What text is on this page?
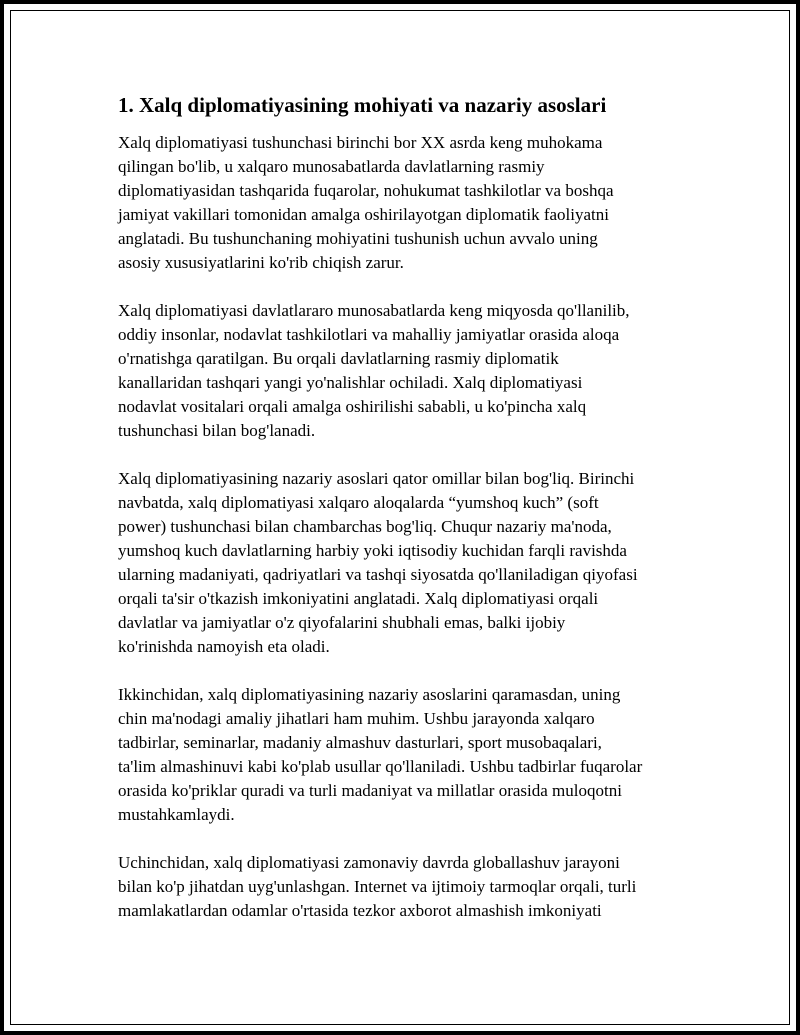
1. Xalq diplomatiyasining mohiyati va nazariy asoslari

Xalq diplomatiyasi tushunchasi birinchi bor XX asrda keng muhokama
qilingan bo'lib, u xalqaro munosabatlarda davlatlarning rasmiy
diplomatiyasidan tashqarida fuqarolar, nohukumat tashkilotlar va boshqa
jamiyat vakillari tomonidan amalga oshirilayotgan diplomatik faoliyatni
anglatadi. Bu tushunchaning mohiyatini tushunish uchun avvalo uning
asosiy xususiyatlarini ko'rib chiqish zarur.

Xalq diplomatiyasi davlatlararo munosabatlarda keng miqyosda qo'llanilib,
oddiy insonlar, nodavlat tashkilotlari va mahalliy jamiyatlar orasida aloqa
o'rnatishga qaratilgan. Bu orqali davlatlarning rasmiy diplomatik
kanallaridan tashqari yangi yo'nalishlar ochiladi. Xalq diplomatiyasi
nodavlat vositalari orqali amalga oshirilishi sababli, u ko'pincha xalq
tushunchasi bilan bog'lanadi.

Xalq diplomatiyasining nazariy asoslari qator omillar bilan bog'liq. Birinchi
navbatda, xalq diplomatiyasi xalqaro aloqalarda “yumshoq kuch” (soft
power) tushunchasi bilan chambarchas bog'liq. Chuqur nazariy ma'noda,
yumshoq kuch davlatlarning harbiy yoki iqtisodiy kuchidan farqli ravishda
ularning madaniyati, qadriyatlari va tashqi siyosatda qo'llaniladigan qiyofasi
orqali ta'sir o'tkazish imkoniyatini anglatadi. Xalq diplomatiyasi orqali
davlatlar va jamiyatlar o'z qiyofalarini shubhali emas, balki ijobiy
ko'rinishda namoyish eta oladi.

Ikkinchidan, xalq diplomatiyasining nazariy asoslarini qaramasdan, uning
chin ma'nodagi amaliy jihatlari ham muhim. Ushbu jarayonda xalqaro
tadbirlar, seminarlar, madaniy almashuv dasturlari, sport musobaqalari,
ta'lim almashinuvi kabi ko'plab usullar qo'llaniladi. Ushbu tadbirlar fuqarolar
orasida ko'priklar quradi va turli madaniyat va millatlar orasida muloqotni
mustahkamlaydi.

Uchinchidan, xalq diplomatiyasi zamonaviy davrda globallashuv jarayoni
bilan ko'p jihatdan uyg'unlashgan. Internet va ijtimoiy tarmoqlar orqali, turli
mamlakatlardan odamlar o'rtasida tezkor axborot almashish imkoniyati
